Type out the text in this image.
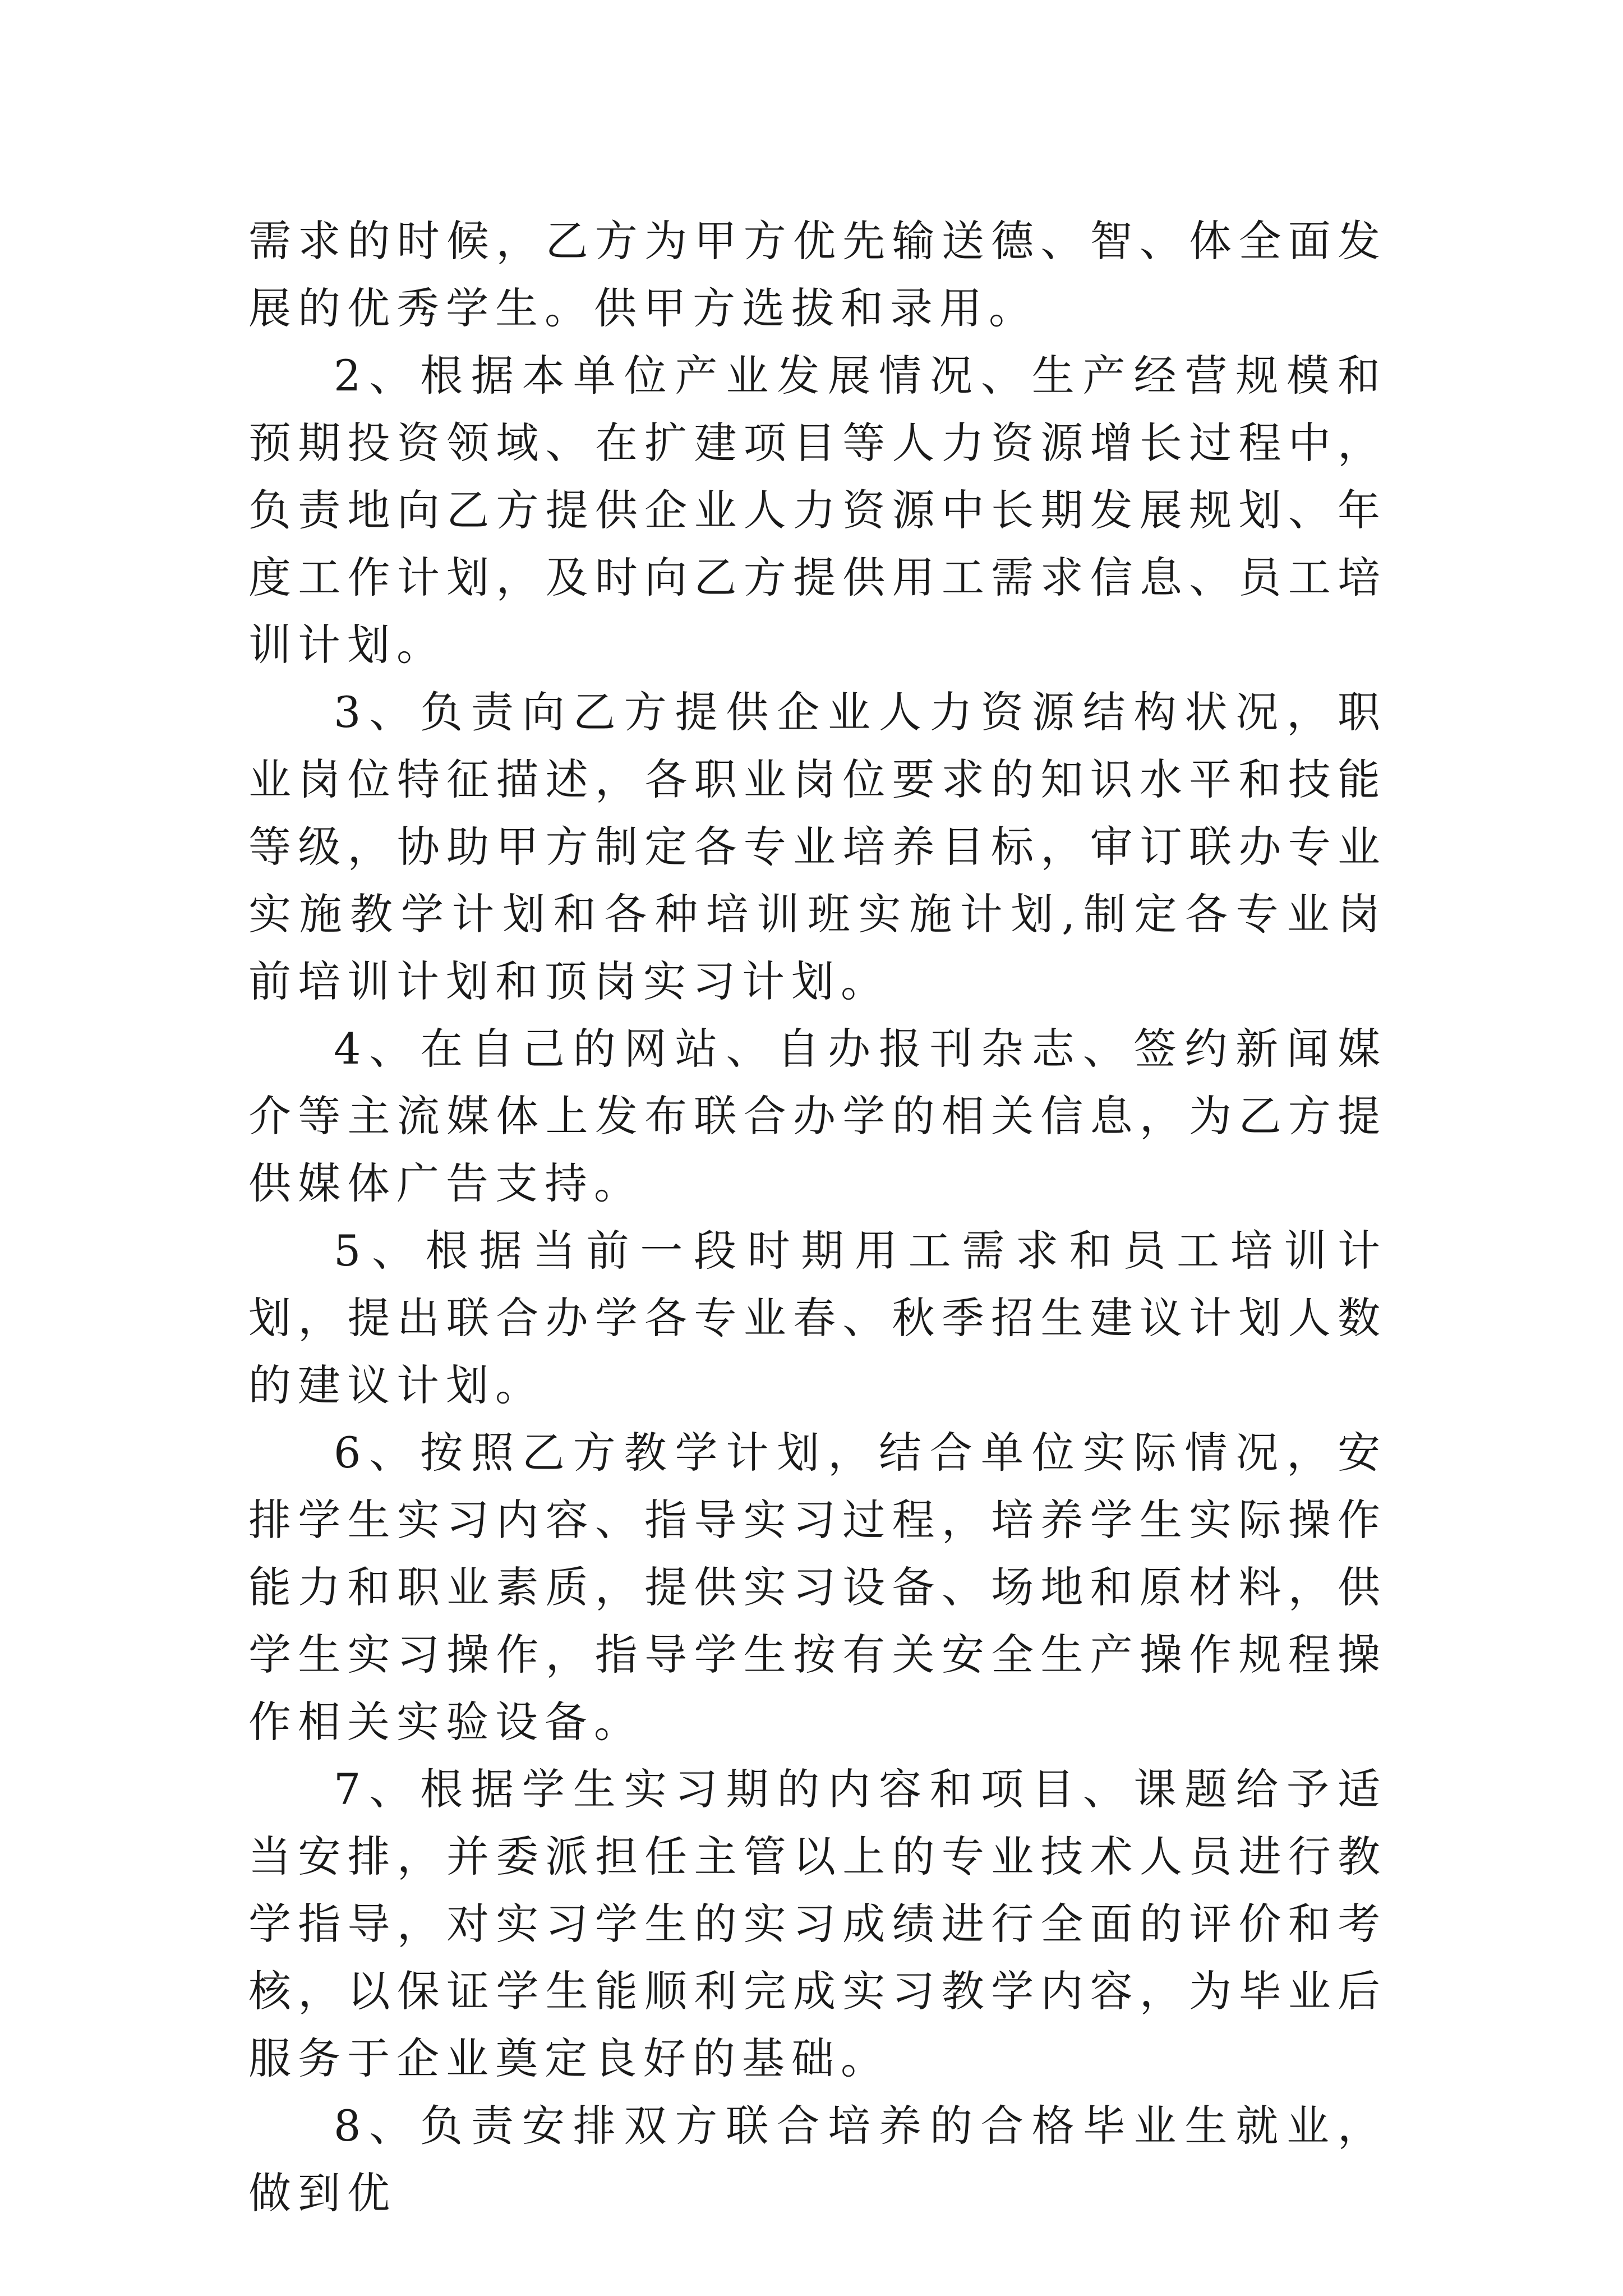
需求的时候，乙方为甲方优先输送德、智、体全面发展的优秀学生。供甲方选拔和录用。

2、根据本单位产业发展情况、生产经营规模和预期投资领域、在扩建项目等人力资源增长过程中，负责地向乙方提供企业人力资源中长期发展规划、年度工作计划，及时向乙方提供用工需求信息、员工培训计划。

3、负责向乙方提供企业人力资源结构状况，职业岗位特征描述，各职业岗位要求的知识水平和技能等级，协助甲方制定各专业培养目标，审订联办专业实施教学计划和各种培训班实施计划,制定各专业岗前培训计划和顶岗实习计划。

4、在自己的网站、自办报刊杂志、签约新闻媒介等主流媒体上发布联合办学的相关信息，为乙方提供媒体广告支持。

5、根据当前一段时期用工需求和员工培训计划，提出联合办学各专业春、秋季招生建议计划人数的建议计划。

6、按照乙方教学计划，结合单位实际情况，安排学生实习内容、指导实习过程，培养学生实际操作能力和职业素质，提供实习设备、场地和原材料，供学生实习操作，指导学生按有关安全生产操作规程操作相关实验设备。

7、根据学生实习期的内容和项目、课题给予适当安排，并委派担任主管以上的专业技术人员进行教学指导，对实习学生的实习成绩进行全面的评价和考核，以保证学生能顺利完成实习教学内容，为毕业后服务于企业奠定良好的基础。

8、负责安排双方联合培养的合格毕业生就业，做到优
